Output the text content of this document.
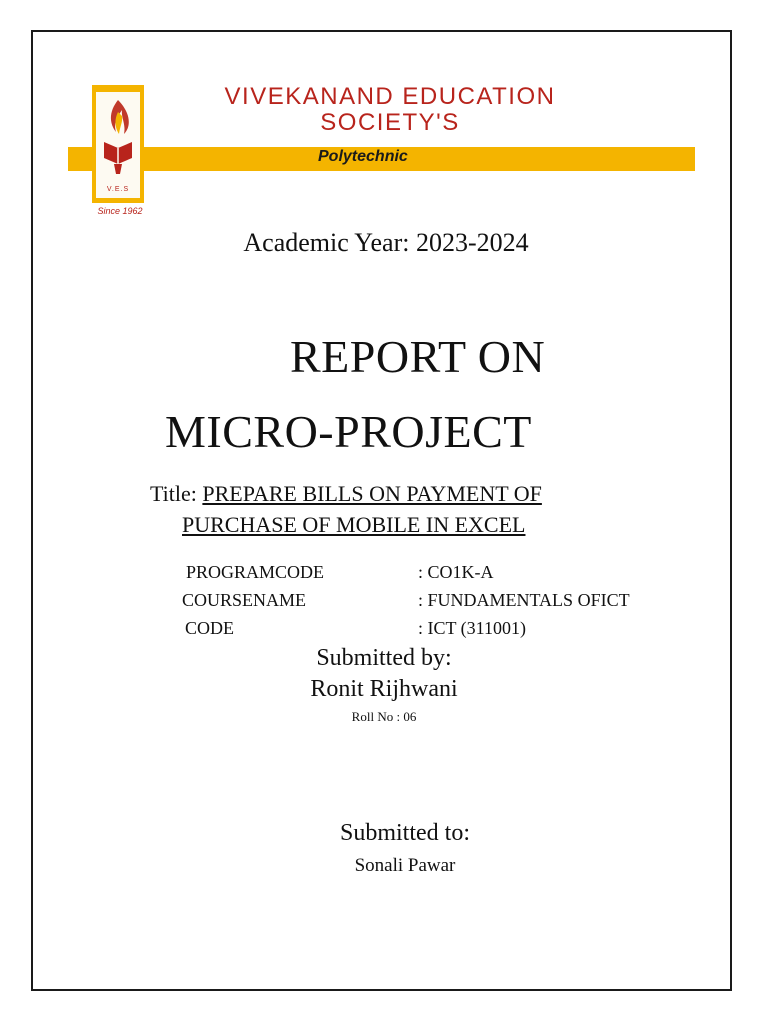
V.E.S
Since 1962
VIVEKANAND EDUCATION
SOCIETY'S
Polytechnic
Academic Year: 2023-2024
REPORT ON
MICRO-PROJECT
Title: PREPARE BILLS ON PAYMENT OF
PURCHASE OF MOBILE IN EXCEL
PROGRAMCODE	: CO1K-A
COURSENAME	: FUNDAMENTALS OFICT
CODE	: ICT (311001)
Submitted by:
Ronit Rijhwani
Roll No : 06
Submitted to:
Sonali Pawar
